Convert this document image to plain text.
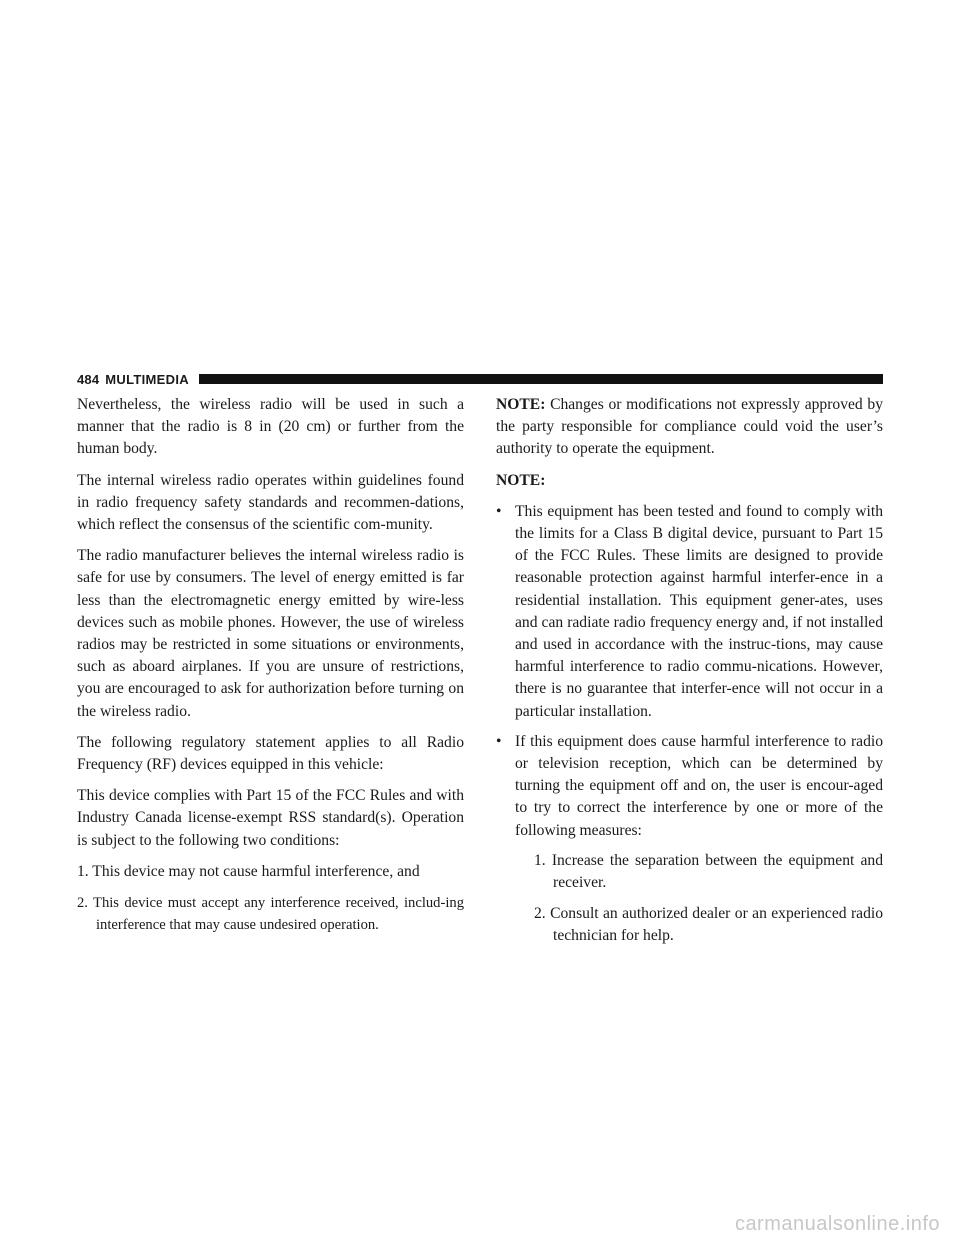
484 MULTIMEDIA

Nevertheless, the wireless radio will be used in such a manner that the radio is 8 in (20 cm) or further from the human body.

The internal wireless radio operates within guidelines found in radio frequency safety standards and recommen-dations, which reflect the consensus of the scientific com-munity.

The radio manufacturer believes the internal wireless radio is safe for use by consumers. The level of energy emitted is far less than the electromagnetic energy emitted by wire-less devices such as mobile phones. However, the use of wireless radios may be restricted in some situations or environments, such as aboard airplanes. If you are unsure of restrictions, you are encouraged to ask for authorization before turning on the wireless radio.

The following regulatory statement applies to all Radio Frequency (RF) devices equipped in this vehicle:

This device complies with Part 15 of the FCC Rules and with Industry Canada license-exempt RSS standard(s). Operation is subject to the following two conditions:

1. This device may not cause harmful interference, and
2. This device must accept any interference received, includ-ing interference that may cause undesired operation.

NOTE: Changes or modifications not expressly approved by the party responsible for compliance could void the user’s authority to operate the equipment.

NOTE:

• This equipment has been tested and found to comply with the limits for a Class B digital device, pursuant to Part 15 of the FCC Rules. These limits are designed to provide reasonable protection against harmful interfer-ence in a residential installation. This equipment gener-ates, uses and can radiate radio frequency energy and, if not installed and used in accordance with the instruc-tions, may cause harmful interference to radio commu-nications. However, there is no guarantee that interfer-ence will not occur in a particular installation.
• If this equipment does cause harmful interference to radio or television reception, which can be determined by turning the equipment off and on, the user is encour-aged to try to correct the interference by one or more of the following measures:
1. Increase the separation between the equipment and receiver.
2. Consult an authorized dealer or an experienced radio technician for help.
carmanualsonline.info
